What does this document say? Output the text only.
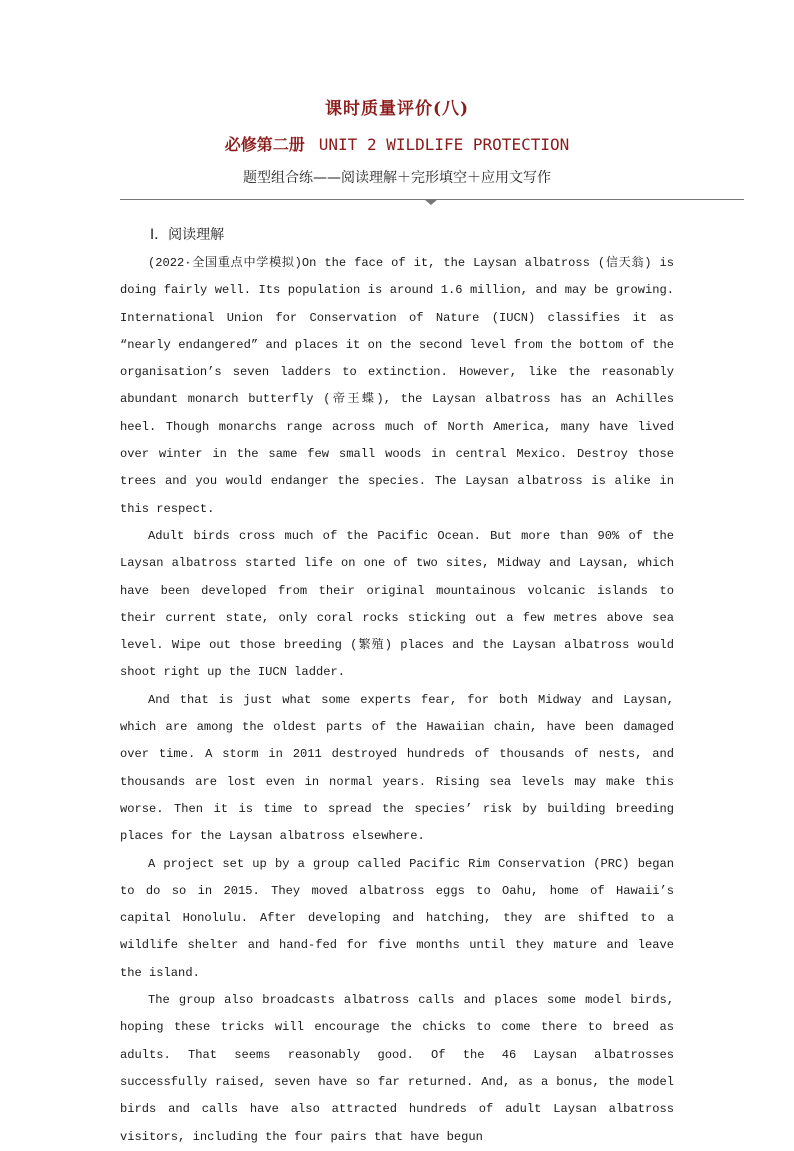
课时质量评价(八)
必修第二册 UNIT 2 WILDLIFE PROTECTION
题型组合练——阅读理解＋完形填空＋应用文写作
Ⅰ．阅读理解

(2022·全国重点中学模拟)On the face of it, the Laysan albatross (信天翁) is doing fairly well. Its population is around 1.6 million, and may be growing. International Union for Conservation of Nature (IUCN) classifies it as “nearly endangered” and places it on the second level from the bottom of the organisation’s seven ladders to extinction. However, like the reasonably abundant monarch butterfly (帝王蝶), the Laysan albatross has an Achilles heel. Though monarchs range across much of North America, many have lived over winter in the same few small woods in central Mexico. Destroy those trees and you would endanger the species. The Laysan albatross is alike in this respect.

Adult birds cross much of the Pacific Ocean. But more than 90% of the Laysan albatross started life on one of two sites, Midway and Laysan, which have been developed from their original mountainous volcanic islands to their current state, only coral rocks sticking out a few metres above sea level. Wipe out those breeding (繁殖) places and the Laysan albatross would shoot right up the IUCN ladder.

And that is just what some experts fear, for both Midway and Laysan, which are among the oldest parts of the Hawaiian chain, have been damaged over time. A storm in 2011 destroyed hundreds of thousands of nests, and thousands are lost even in normal years. Rising sea levels may make this worse. Then it is time to spread the species’ risk by building breeding places for the Laysan albatross elsewhere.

A project set up by a group called Pacific Rim Conservation (PRC) began to do so in 2015. They moved albatross eggs to Oahu, home of Hawaii’s capital Honolulu. After developing and hatching, they are shifted to a wildlife shelter and hand-fed for five months until they mature and leave the island.

The group also broadcasts albatross calls and places some model birds, hoping these tricks will encourage the chicks to come there to breed as adults. That seems reasonably good. Of the 46 Laysan albatrosses successfully raised, seven have so far returned. And, as a bonus, the model birds and calls have also attracted hundreds of adult Laysan albatross visitors, including the four pairs that have begun
